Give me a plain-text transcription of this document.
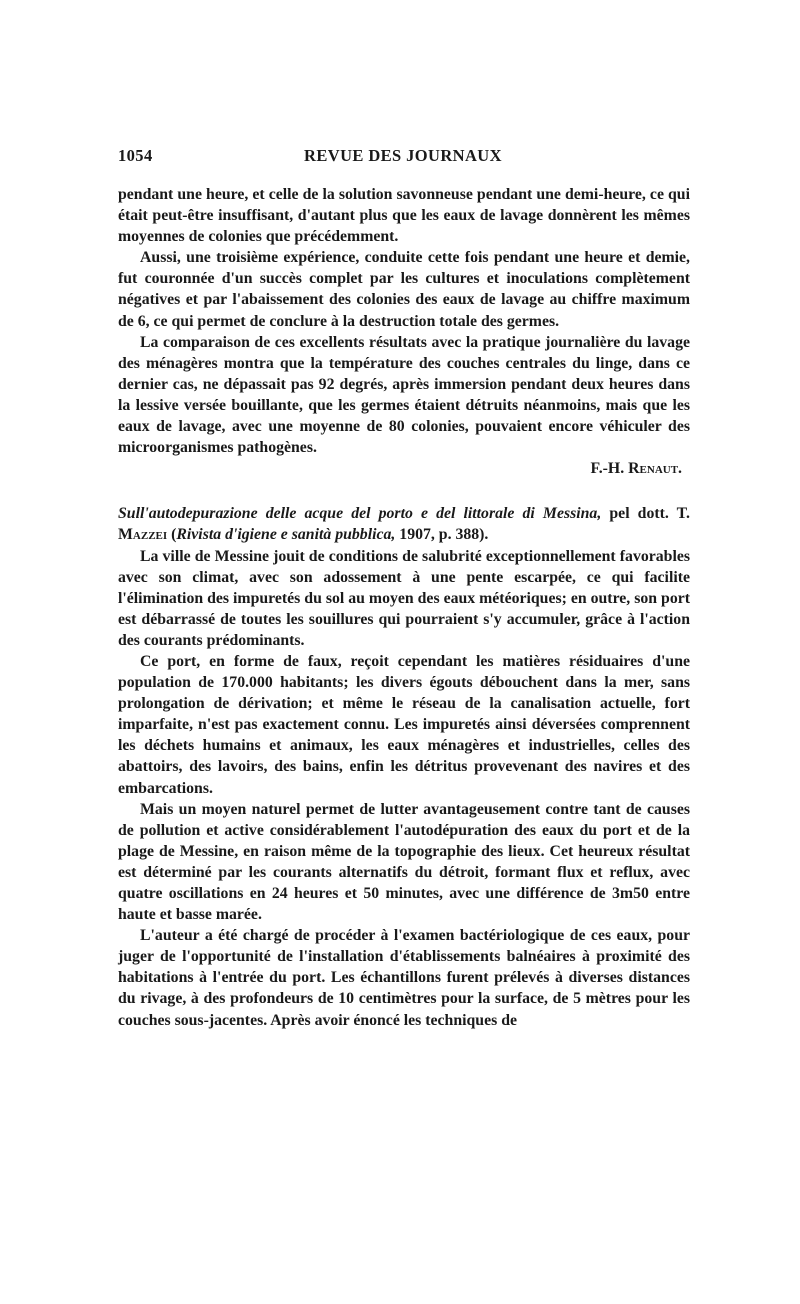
1054	REVUE DES JOURNAUX

pendant une heure, et celle de la solution savonneuse pendant une demi-heure, ce qui était peut-être insuffisant, d'autant plus que les eaux de lavage donnèrent les mêmes moyennes de colonies que précédemment.

Aussi, une troisième expérience, conduite cette fois pendant une heure et demie, fut couronnée d'un succès complet par les cultures et inoculations complètement négatives et par l'abaissement des colonies des eaux de lavage au chiffre maximum de 6, ce qui permet de conclure à la destruction totale des germes.

La comparaison de ces excellents résultats avec la pratique journalière du lavage des ménagères montra que la température des couches centrales du linge, dans ce dernier cas, ne dépassait pas 92 degrés, après immersion pendant deux heures dans la lessive versée bouillante, que les germes étaient détruits néanmoins, mais que les eaux de lavage, avec une moyenne de 80 colonies, pouvaient encore véhiculer des microorganismes pathogènes.

F.-H. Renaut.

Sull'autodepurazione delle acque del porto e del littorale di Messina, pel dott. T. Mazzei (Rivista d'igiene e sanità pubblica, 1907, p. 388).

La ville de Messine jouit de conditions de salubrité exceptionnellement favorables avec son climat, avec son adossement à une pente escarpée, ce qui facilite l'élimination des impuretés du sol au moyen des eaux météoriques; en outre, son port est débarrassé de toutes les souillures qui pourraient s'y accumuler, grâce à l'action des courants prédominants.

Ce port, en forme de faux, reçoit cependant les matières résiduaires d'une population de 170.000 habitants; les divers égouts débouchent dans la mer, sans prolongation de dérivation; et même le réseau de la canalisation actuelle, fort imparfaite, n'est pas exactement connu. Les impuretés ainsi déversées comprennent les déchets humains et animaux, les eaux ménagères et industrielles, celles des abattoirs, des lavoirs, des bains, enfin les détritus provevenant des navires et des embarcations.

Mais un moyen naturel permet de lutter avantageusement contre tant de causes de pollution et active considérablement l'autodépuration des eaux du port et de la plage de Messine, en raison même de la topographie des lieux. Cet heureux résultat est déterminé par les courants alternatifs du détroit, formant flux et reflux, avec quatre oscillations en 24 heures et 50 minutes, avec une différence de 3m50 entre haute et basse marée.

L'auteur a été chargé de procéder à l'examen bactériologique de ces eaux, pour juger de l'opportunité de l'installation d'établissements balnéaires à proximité des habitations à l'entrée du port. Les échantillons furent prélevés à diverses distances du rivage, à des profondeurs de 10 centimètres pour la surface, de 5 mètres pour les couches sous-jacentes. Après avoir énoncé les techniques de
